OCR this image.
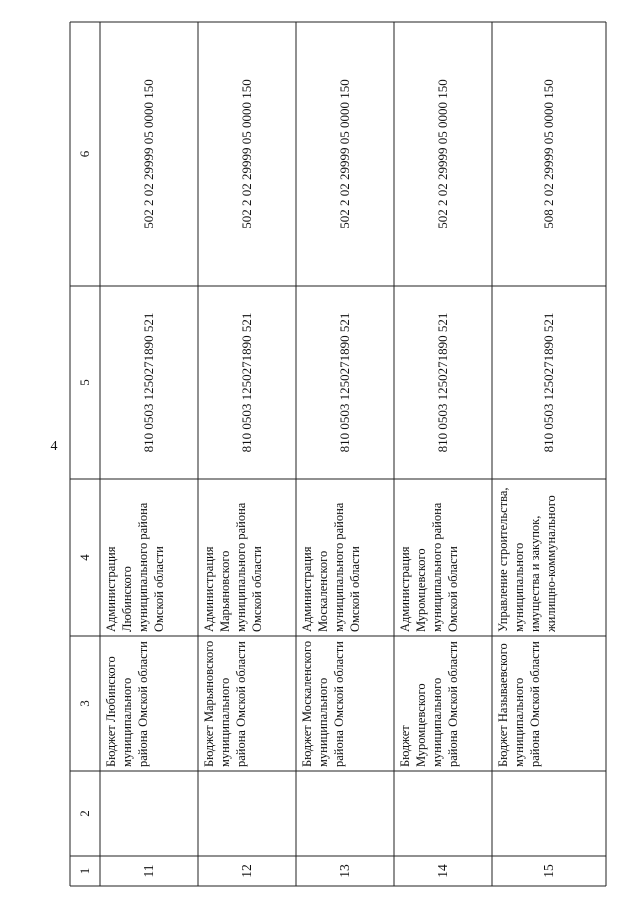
4
1
2
3
4
5
6
11
Бюджет Любинского муниципального района Омской области
Администрация Любинского муниципального района Омской области
810 0503 1250271890 521
502 2 02 29999 05 0000 150
12
Бюджет Марьяновского муниципального района Омской области
Администрация Марьяновского муниципального района Омской области
810 0503 1250271890 521
502 2 02 29999 05 0000 150
13
Бюджет Москаленского муниципального района Омской области
Администрация Москаленского муниципального района Омской области
810 0503 1250271890 521
502 2 02 29999 05 0000 150
14
Бюджет Муромцевского муниципального района Омской области
Администрация Муромцевского муниципального района Омской области
810 0503 1250271890 521
502 2 02 29999 05 0000 150
15
Бюджет Называевского муниципального района Омской области
Управление строительства, муниципального имущества и закупок, жилищно-коммунального
810 0503 1250271890 521
508 2 02 29999 05 0000 150
